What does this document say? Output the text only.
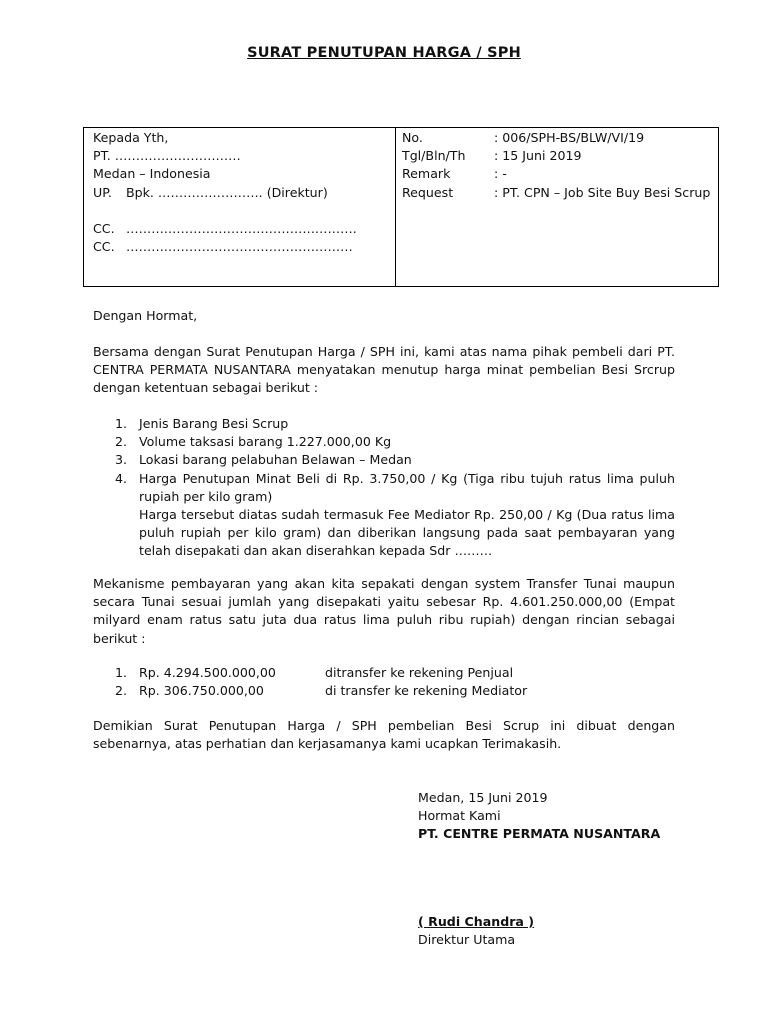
SURAT PENUTUPAN HARGA / SPH
Kepada Yth,
PT. …………………………
Medan – Indonesia
UP. Bpk. ……………………. (Direktur)
CC. ……………………………………………….
CC. ………………………………………………
No.	: 006/SPH-BS/BLW/VI/19
Tgl/Bln/Th : 15 Juni 2019
Remark	: -
Request	: PT. CPN – Job Site Buy Besi Scrup
Dengan Hormat,
Bersama dengan Surat Penutupan Harga / SPH ini, kami atas nama pihak pembeli dari PT. CENTRA PERMATA NUSANTARA menyatakan menutup harga minat pembelian Besi Srcrup dengan ketentuan sebagai berikut :
1. Jenis Barang Besi Scrup
2. Volume taksasi barang 1.227.000,00 Kg
3. Lokasi barang pelabuhan Belawan – Medan
4. Harga Penutupan Minat Beli di Rp. 3.750,00 / Kg (Tiga ribu tujuh ratus lima puluh rupiah per kilo gram)
Harga tersebut diatas sudah termasuk Fee Mediator Rp. 250,00 / Kg (Dua ratus lima puluh rupiah per kilo gram) dan diberikan langsung pada saat pembayaran yang telah disepakati dan akan diserahkan kepada Sdr ………
Mekanisme pembayaran yang akan kita sepakati dengan system Transfer Tunai maupun secara Tunai sesuai jumlah yang disepakati yaitu sebesar Rp. 4.601.250.000,00 (Empat milyard enam ratus satu juta dua ratus lima puluh ribu rupiah) dengan rincian sebagai berikut :
1. Rp. 4.294.500.000,00	ditransfer ke rekening Penjual
2. Rp. 306.750.000,00	di transfer ke rekening Mediator
Demikian Surat Penutupan Harga / SPH pembelian Besi Scrup ini dibuat dengan sebenarnya, atas perhatian dan kerjasamanya kami ucapkan Terimakasih.
Medan, 15 Juni 2019
Hormat Kami
PT. CENTRE PERMATA NUSANTARA
( Rudi Chandra )
Direktur Utama
